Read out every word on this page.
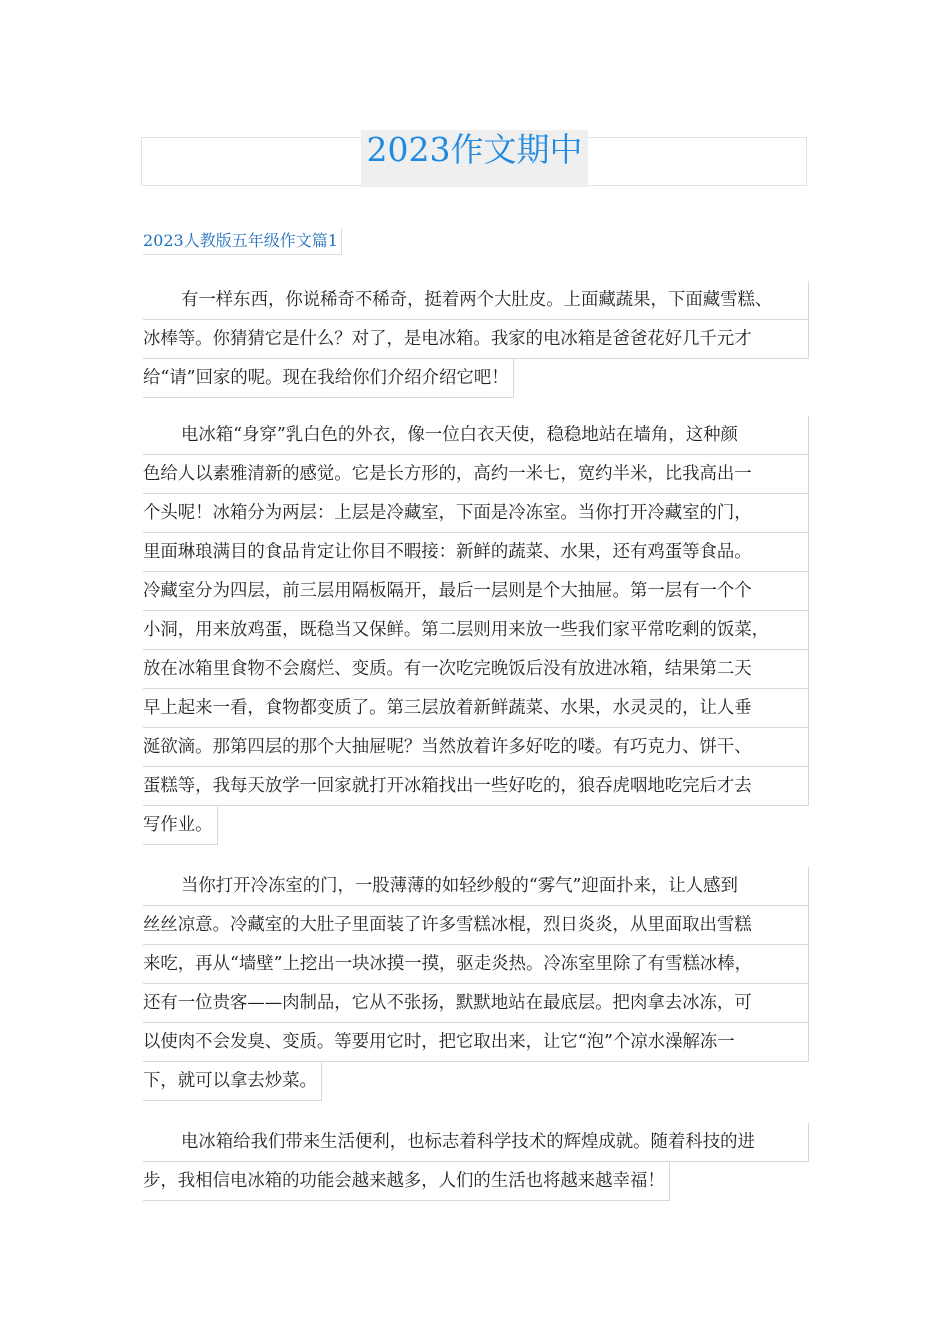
2023作文期中
2023人教版五年级作文篇1
有一样东西，你说稀奇不稀奇，挺着两个大肚皮。上面藏蔬果，下面藏雪糕、
冰棒等。你猜猜它是什么？对了，是电冰箱。我家的电冰箱是爸爸花好几千元才
给“请”回家的呢。现在我给你们介绍介绍它吧！
电冰箱“身穿”乳白色的外衣，像一位白衣天使，稳稳地站在墙角，这种颜
色给人以素雅清新的感觉。它是长方形的，高约一米七，宽约半米，比我高出一
个头呢！冰箱分为两层：上层是冷藏室，下面是冷冻室。当你打开冷藏室的门，
里面琳琅满目的食品肯定让你目不暇接：新鲜的蔬菜、水果，还有鸡蛋等食品。
冷藏室分为四层，前三层用隔板隔开，最后一层则是个大抽屉。第一层有一个个
小洞，用来放鸡蛋，既稳当又保鲜。第二层则用来放一些我们家平常吃剩的饭菜，
放在冰箱里食物不会腐烂、变质。有一次吃完晚饭后没有放进冰箱，结果第二天
早上起来一看，食物都变质了。第三层放着新鲜蔬菜、水果，水灵灵的，让人垂
涎欲滴。那第四层的那个大抽屉呢？当然放着许多好吃的喽。有巧克力、饼干、
蛋糕等，我每天放学一回家就打开冰箱找出一些好吃的，狼吞虎咽地吃完后才去
写作业。
当你打开冷冻室的门，一股薄薄的如轻纱般的“雾气”迎面扑来，让人感到
丝丝凉意。冷藏室的大肚子里面装了许多雪糕冰棍，烈日炎炎，从里面取出雪糕
来吃，再从“墙壁”上挖出一块冰摸一摸，驱走炎热。冷冻室里除了有雪糕冰棒，
还有一位贵客——肉制品，它从不张扬，默默地站在最底层。把肉拿去冰冻，可
以使肉不会发臭、变质。等要用它时，把它取出来，让它“泡”个凉水澡解冻一
下，就可以拿去炒菜。
电冰箱给我们带来生活便利，也标志着科学技术的辉煌成就。随着科技的进
步，我相信电冰箱的功能会越来越多，人们的生活也将越来越幸福！
